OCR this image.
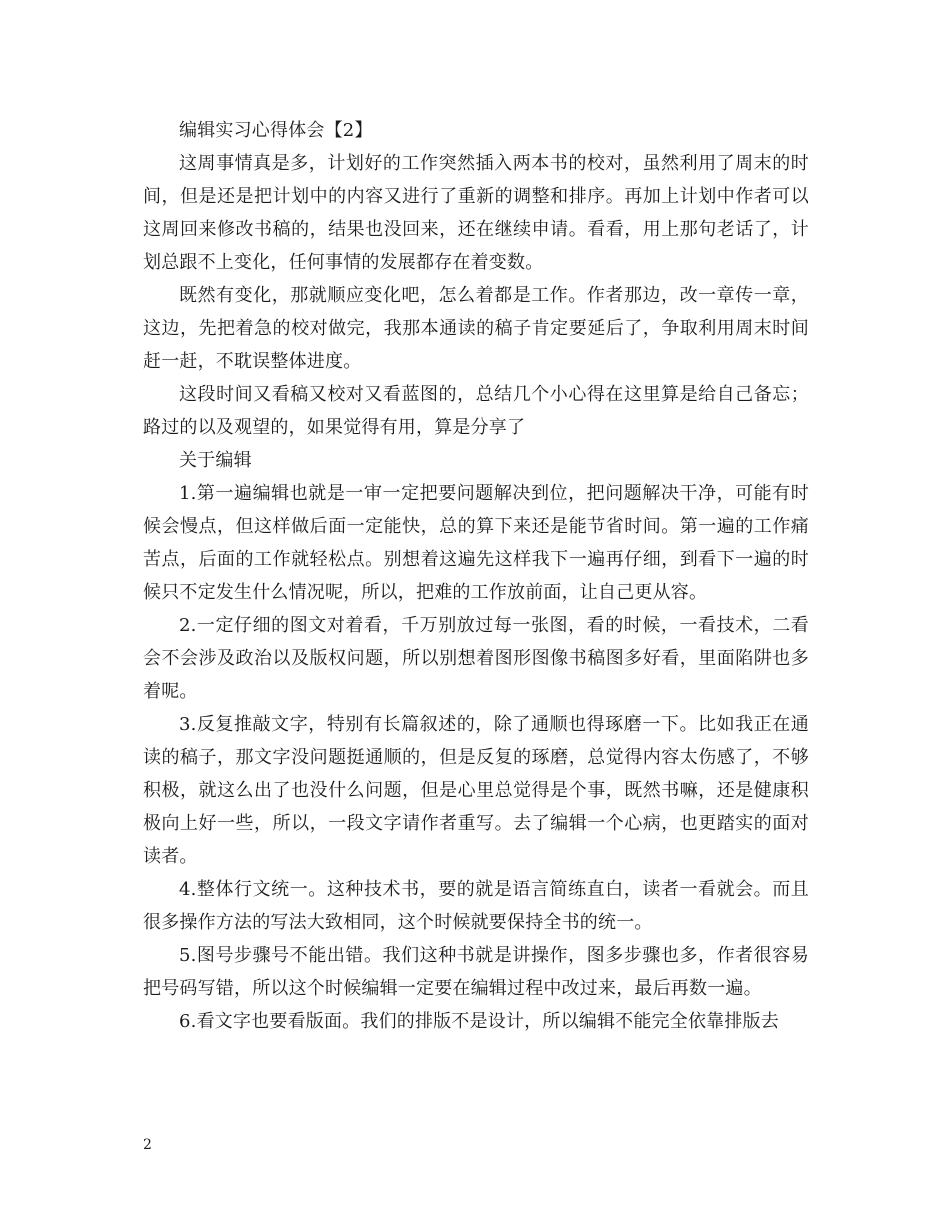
编辑实习心得体会【2】

这周事情真是多，计划好的工作突然插入两本书的校对，虽然利用了周末的时间，但是还是把计划中的内容又进行了重新的调整和排序。再加上计划中作者可以这周回来修改书稿的，结果也没回来，还在继续申请。看看，用上那句老话了，计划总跟不上变化，任何事情的发展都存在着变数。

既然有变化，那就顺应变化吧，怎么着都是工作。作者那边，改一章传一章，这边，先把着急的校对做完，我那本通读的稿子肯定要延后了，争取利用周末时间赶一赶，不耽误整体进度。

这段时间又看稿又校对又看蓝图的，总结几个小心得在这里算是给自己备忘；路过的以及观望的，如果觉得有用，算是分享了

关于编辑

1.第一遍编辑也就是一审一定把要问题解决到位，把问题解决干净，可能有时候会慢点，但这样做后面一定能快，总的算下来还是能节省时间。第一遍的工作痛苦点，后面的工作就轻松点。别想着这遍先这样我下一遍再仔细，到看下一遍的时候只不定发生什么情况呢，所以，把难的工作放前面，让自己更从容。

2.一定仔细的图文对着看，千万别放过每一张图，看的时候，一看技术，二看会不会涉及政治以及版权问题，所以别想着图形图像书稿图多好看，里面陷阱也多着呢。

3.反复推敲文字，特别有长篇叙述的，除了通顺也得琢磨一下。比如我正在通读的稿子，那文字没问题挺通顺的，但是反复的琢磨，总觉得内容太伤感了，不够积极，就这么出了也没什么问题，但是心里总觉得是个事，既然书嘛，还是健康积极向上好一些，所以，一段文字请作者重写。去了编辑一个心病，也更踏实的面对读者。

4.整体行文统一。这种技术书，要的就是语言简练直白，读者一看就会。而且很多操作方法的写法大致相同，这个时候就要保持全书的统一。

5.图号步骤号不能出错。我们这种书就是讲操作，图多步骤也多，作者很容易把号码写错，所以这个时候编辑一定要在编辑过程中改过来，最后再数一遍。

6.看文字也要看版面。我们的排版不是设计，所以编辑不能完全依靠排版去

2
